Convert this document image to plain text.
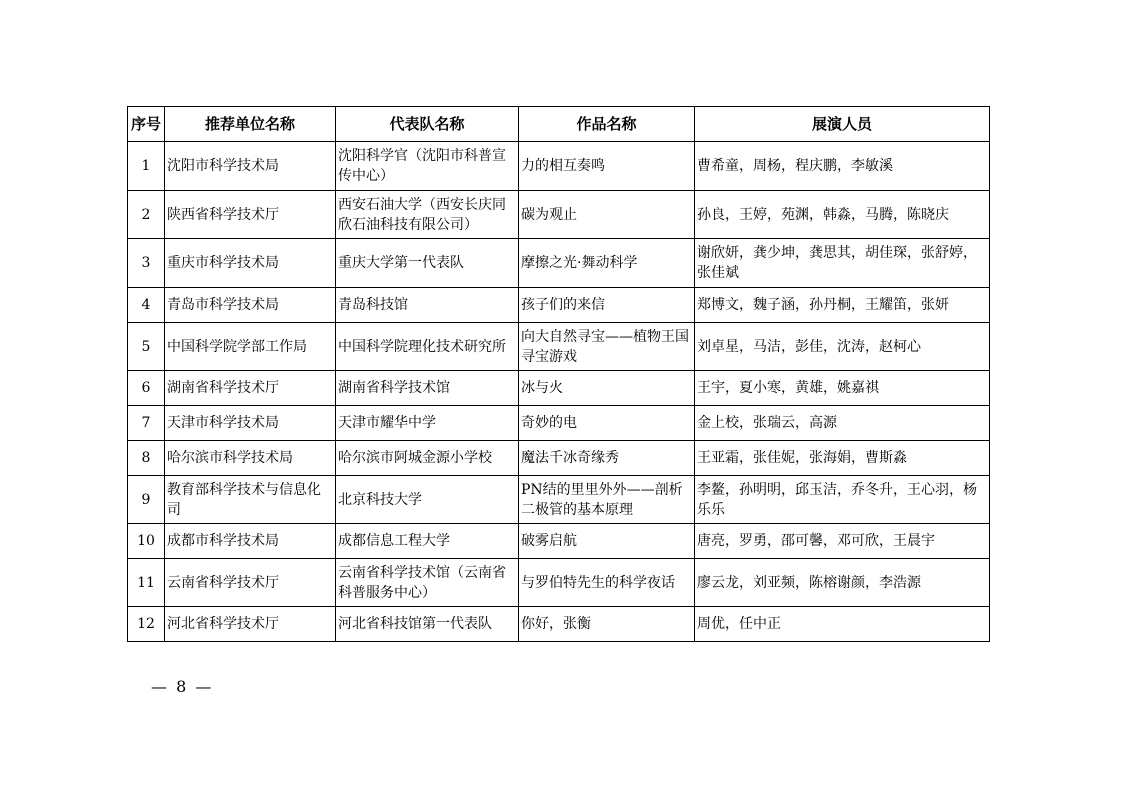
序号	推荐单位名称	代表队名称	作品名称	展演人员
1	沈阳市科学技术局	沈阳科学官（沈阳市科普宣传中心）	力的相互奏鸣	曹希童，周杨，程庆鹏，李敏溪
2	陕西省科学技术厅	西安石油大学（西安长庆同欣石油科技有限公司）	碳为观止	孙良，王婷，苑渊，韩淼，马腾，陈晓庆
3	重庆市科学技术局	重庆大学第一代表队	摩擦之光·舞动科学	谢欣妍，龚少坤，龚思其，胡佳琛，张舒婷，张佳斌
4	青岛市科学技术局	青岛科技馆	孩子们的来信	郑博文，魏子涵，孙丹桐，王耀笛，张妍
5	中国科学院学部工作局	中国科学院理化技术研究所	向大自然寻宝——植物王国寻宝游戏	刘卓星，马洁，彭佳，沈涛，赵柯心
6	湖南省科学技术厅	湖南省科学技术馆	冰与火	王宇，夏小寒，黄雄，姚嘉祺
7	天津市科学技术局	天津市耀华中学	奇妙的电	金上校，张瑞云，高源
8	哈尔滨市科学技术局	哈尔滨市阿城金源小学校	魔法千冰奇缘秀	王亚霜，张佳妮，张海娟，曹斯淼
9	教育部科学技术与信息化司	北京科技大学	PN结的里里外外——剖析二极管的基本原理	李鳌，孙明明，邱玉洁，乔冬升，王心羽，杨乐乐
10	成都市科学技术局	成都信息工程大学	破雾启航	唐亮，罗勇，邵可馨，邓可欣，王晨宇
11	云南省科学技术厅	云南省科学技术馆（云南省科普服务中心）	与罗伯特先生的科学夜话	廖云龙，刘亚频，陈榕谢颜，李浩源
12	河北省科学技术厅	河北省科技馆第一代表队	你好，张衡	周优，任中正
— 8 —
